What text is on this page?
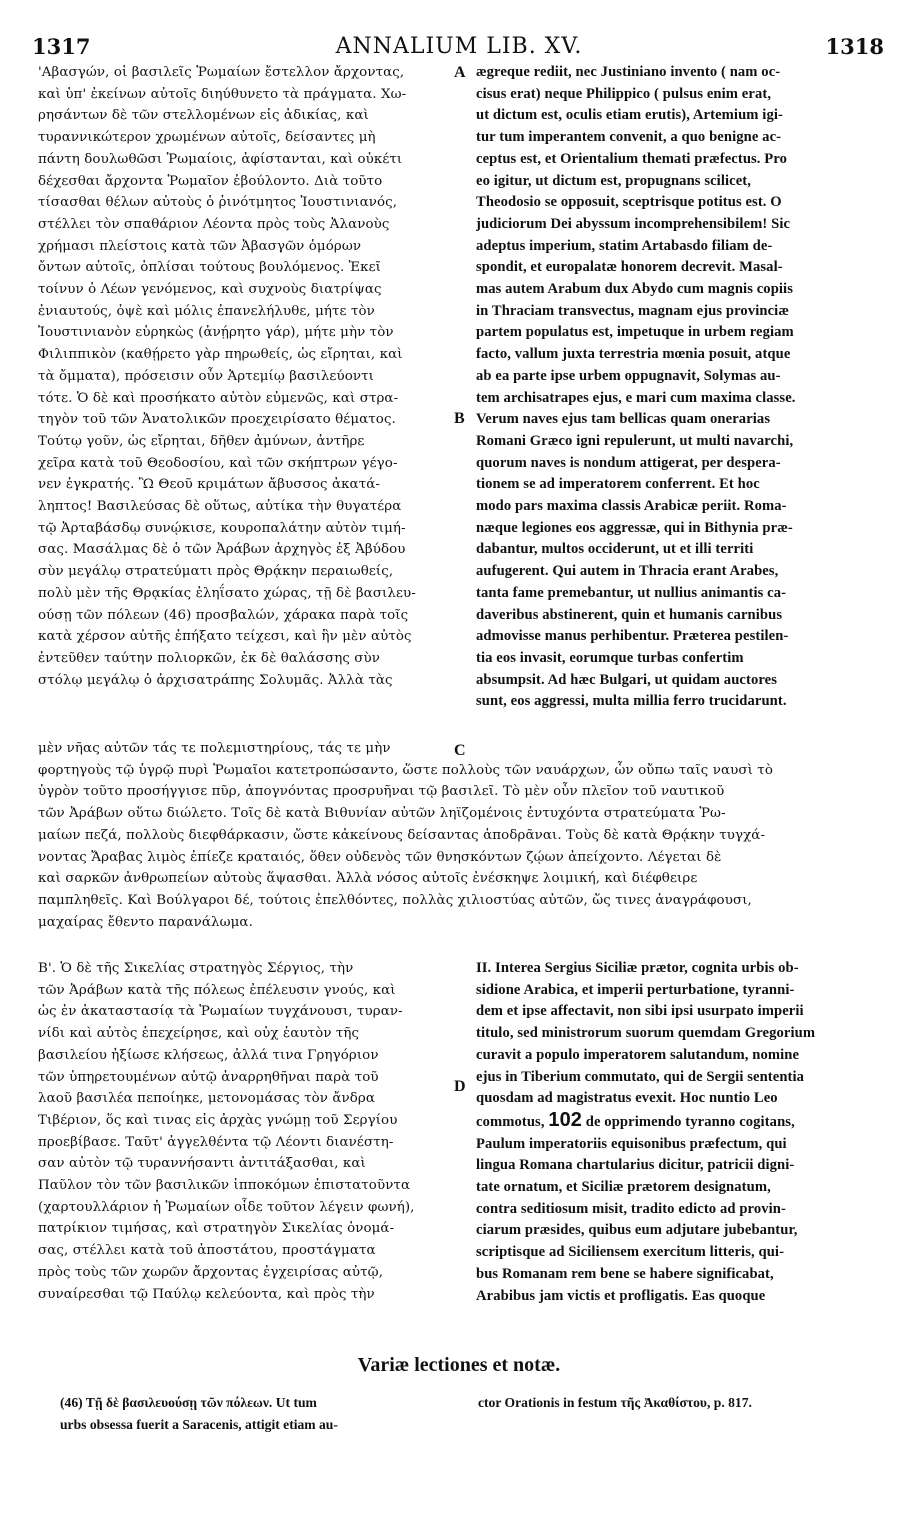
1317	ANNALIUM LIB. XV.	1318
A
B
C
D
'Αβασγών, οἱ βασιλεῖς Ῥωμαίων ἔστελλον ἄρχοντας,
καὶ ὑπ' ἐκείνων αὐτοῖς διηύθυνετο τὰ πράγματα. Χω-
ρησάντων δὲ τῶν στελλομένων εἰς ἀδικίας, καὶ
τυραννικώτερον χρωμένων αὐτοῖς, δείσαντες μὴ
πάντη δουλωθῶσι Ῥωμαίοις, ἀφίστανται, καὶ οὐκέτι
δέχεσθαι ἄρχοντα Ῥωμαῖον ἐβούλοντο. Διὰ τοῦτο
τίσασθαι θέλων αὐτοὺς ὁ ῥινότμητος Ἰουστινιανός,
στέλλει τὸν σπαθάριον Λέοντα πρὸς τοὺς Ἀλανοὺς
χρήμασι πλείστοις κατὰ τῶν Ἀβασγῶν ὁμόρων
ὄντων αὐτοῖς, ὁπλίσαι τούτους βουλόμενος. Ἐκεῖ
τοίνυν ὁ Λέων γενόμενος, καὶ συχνοὺς διατρίψας
ἐνιαυτούς, ὀψὲ καὶ μόλις ἐπανελήλυθε, μήτε τὸν
Ἰουστινιανὸν εὑρηκὼς (ἀνῄρητο γάρ), μήτε μὴν τὸν
Φιλιππικὸν (καθῄρετο γὰρ πηρωθείς, ὡς εἴρηται, καὶ
τὰ ὄμματα), πρόσεισιν οὖν Ἀρτεμίῳ βασιλεύοντι
τότε. Ὁ δὲ καὶ προσήκατο αὐτὸν εὐμενῶς, καὶ στρα-
τηγὸν τοῦ τῶν Ἀνατολικῶν προεχειρίσατο θέματος.
Τούτῳ γοῦν, ὡς εἴρηται, δῆθεν ἀμύνων, ἀντῆρε
χεῖρα κατὰ τοῦ Θεοδοσίου, καὶ τῶν σκήπτρων γέγο-
νεν ἐγκρατής. Ὢ Θεοῦ κριμάτων ἄβυσσος ἀκατά-
ληπτος! Βασιλεύσας δὲ οὕτως, αὐτίκα τὴν θυγατέρα
τῷ Ἀρταβάσδῳ συνῴκισε, κουροπαλάτην αὐτὸν τιμή-
σας. Μασάλμας δὲ ὁ τῶν Ἀράβων ἀρχηγὸς ἐξ Ἀβύδου
σὺν μεγάλῳ στρατεύματι πρὸς Θρᾴκην περαιωθείς,
πολὺ μὲν τῆς Θρᾳκίας ἐληΐσατο χώρας, τῇ δὲ βασιλευ-
ούσῃ τῶν πόλεων (46) προσβαλών, χάρακα παρὰ τοῖς
κατὰ χέρσον αὐτῆς ἐπήξατο τείχεσι, καὶ ἣν μὲν αὐτὸς
ἐντεῦθεν ταύτην πολιορκῶν, ἐκ δὲ θαλάσσης σὺν
στόλῳ μεγάλῳ ὁ ἀρχισατράπης Σολυμᾶς. Ἀλλὰ τὰς
ægreque rediit, nec Justiniano invento ( nam oc-
cisus erat) neque Philippico ( pulsus enim erat,
ut dictum est, oculis etiam erutis), Artemium igi-
tur tum imperantem convenit, a quo benigne ac-
ceptus est, et Orientalium themati præfectus. Pro
eo igitur, ut dictum est, propugnans scilicet,
Theodosio se opposuit, sceptrisque potitus est. O
judiciorum Dei abyssum incomprehensibilem! Sic
adeptus imperium, statim Artabasdo filiam de-
spondit, et europalatæ honorem decrevit. Masal-
mas autem Arabum dux Abydo cum magnis copiis
in Thraciam transvectus, magnam ejus provinciæ
partem populatus est, impetuque in urbem regiam
facto, vallum juxta terrestria mœnia posuit, atque
ab ea parte ipse urbem oppugnavit, Solymas au-
tem archisatrapes ejus, e mari cum maxima classe.
Verum naves ejus tam bellicas quam onerarias
Romani Græco igni repulerunt, ut multi navarchi,
quorum naves is nondum attigerat, per despera-
tionem se ad imperatorem conferrent. Et hoc
modo pars maxima classis Arabicæ periit. Roma-
næque legiones eos aggressæ, qui in Bithynia præ-
dabantur, multos occiderunt, ut et illi territi
aufugerent. Qui autem in Thracia erant Arabes,
tanta fame premebantur, ut nullius animantis ca-
daveribus abstinerent, quin et humanis carnibus
admovisse manus perhibentur. Præterea pestilen-
tia eos invasit, eorumque turbas confertim
absumpsit. Ad hæc Bulgari, ut quidam auctores
sunt, eos aggressi, multa millia ferro trucidarunt.
μὲν νῆας αὐτῶν τάς τε πολεμιστηρίους, τάς τε μὴν
φορτηγοὺς τῷ ὑγρῷ πυρὶ Ῥωμαῖοι κατετροπώσαντο, ὥστε πολλοὺς τῶν ναυάρχων, ὧν οὔπω ταῖς ναυσὶ τὸ
ὑγρὸν τοῦτο προσήγγισε πῦρ, ἀπογνόντας προσρυῆναι τῷ βασιλεῖ. Τὸ μὲν οὖν πλεῖον τοῦ ναυτικοῦ
τῶν Ἀράβων οὕτω διώλετο. Τοῖς δὲ κατὰ Βιθυνίαν αὐτῶν ληϊζομένοις ἐντυχόντα στρατεύματα Ῥω-
μαίων πεζά, πολλοὺς διεφθάρκασιν, ὥστε κἀκείνους δείσαντας ἀποδρᾶναι. Τοὺς δὲ κατὰ Θρᾴκην τυγχά-
νοντας Ἄραβας λιμὸς ἐπίεζε κραταιός, ὅθεν οὐδενὸς τῶν θνησκόντων ζῴων ἀπείχοντο. Λέγεται δὲ
καὶ σαρκῶν ἀνθρωπείων αὐτοὺς ἅψασθαι. Ἀλλὰ νόσος αὐτοῖς ἐνέσκηψε λοιμική, καὶ διέφθειρε
παμπληθεῖς. Καὶ Βούλγαροι δέ, τούτοις ἐπελθόντες, πολλὰς χιλιοστύας αὐτῶν, ὥς τινες ἀναγράφουσι,
μαχαίρας ἔθεντο παρανάλωμα.
Β'. Ὁ δὲ τῆς Σικελίας στρατηγὸς Σέργιος, τὴν
τῶν Ἀράβων κατὰ τῆς πόλεως ἐπέλευσιν γνούς, καὶ
ὡς ἐν ἀκαταστασίᾳ τὰ Ῥωμαίων τυγχάνουσι, τυραν-
νίδι καὶ αὐτὸς ἐπεχείρησε, καὶ οὐχ ἑαυτὸν τῆς
βασιλείου ἠξίωσε κλήσεως, ἀλλά τινα Γρηγόριον
τῶν ὑπηρετουμένων αὐτῷ ἀναρρηθῆναι παρὰ τοῦ
λαοῦ βασιλέα πεποίηκε, μετονομάσας τὸν ἄνδρα
Τιβέριον, ὅς καὶ τινας εἰς ἀρχὰς γνώμῃ τοῦ Σεργίου
προεβίβασε. Ταῦτ' ἀγγελθέντα τῷ Λέοντι διανέστη-
σαν αὐτὸν τῷ τυραννήσαντι ἀντιτάξασθαι, καὶ
Παῦλον τὸν τῶν βασιλικῶν ἱπποκόμων ἐπιστατοῦντα
(χαρτουλλάριον ἡ Ῥωμαίων οἶδε τοῦτον λέγειν φωνή),
πατρίκιον τιμήσας, καὶ στρατηγὸν Σικελίας ὀνομά-
σας, στέλλει κατὰ τοῦ ἀποστάτου, προστάγματα
πρὸς τοὺς τῶν χωρῶν ἄρχοντας ἐγχειρίσας αὐτῷ,
συναίρεσθαι τῷ Παύλῳ κελεύοντα, καὶ πρὸς τὴν
II. Interea Sergius Siciliæ prætor, cognita urbis ob-
sidione Arabica, et imperii perturbatione, tyranni-
dem et ipse affectavit, non sibi ipsi usurpato imperii
titulo, sed ministrorum suorum quemdam Gregorium
curavit a populo imperatorem salutandum, nomine
ejus in Tiberium commutato, qui de Sergii sententia
quosdam ad magistratus evexit. Hoc nuntio Leo
commotus, 102 de opprimendo tyranno cogitans,
Paulum imperatoriis equisonibus præfectum, qui
lingua Romana chartularius dicitur, patricii digni-
tate ornatum, et Siciliæ prætorem designatum,
contra seditiosum misit, tradito edicto ad provin-
ciarum præsides, quibus eum adjutare jubebantur,
scriptisque ad Siciliensem exercitum litteris, qui-
bus Romanam rem bene se habere significabat,
Arabibus jam victis et profligatis. Eas quoque
Variæ lectiones et notæ.
(46) Τῇ δὲ βασιλευούσῃ τῶν πόλεων. Ut tum
urbs obsessa fuerit a Saracenis, attigit etiam au-
ctor Orationis in festum τῆς Ἀκαθίστου, p. 817.
